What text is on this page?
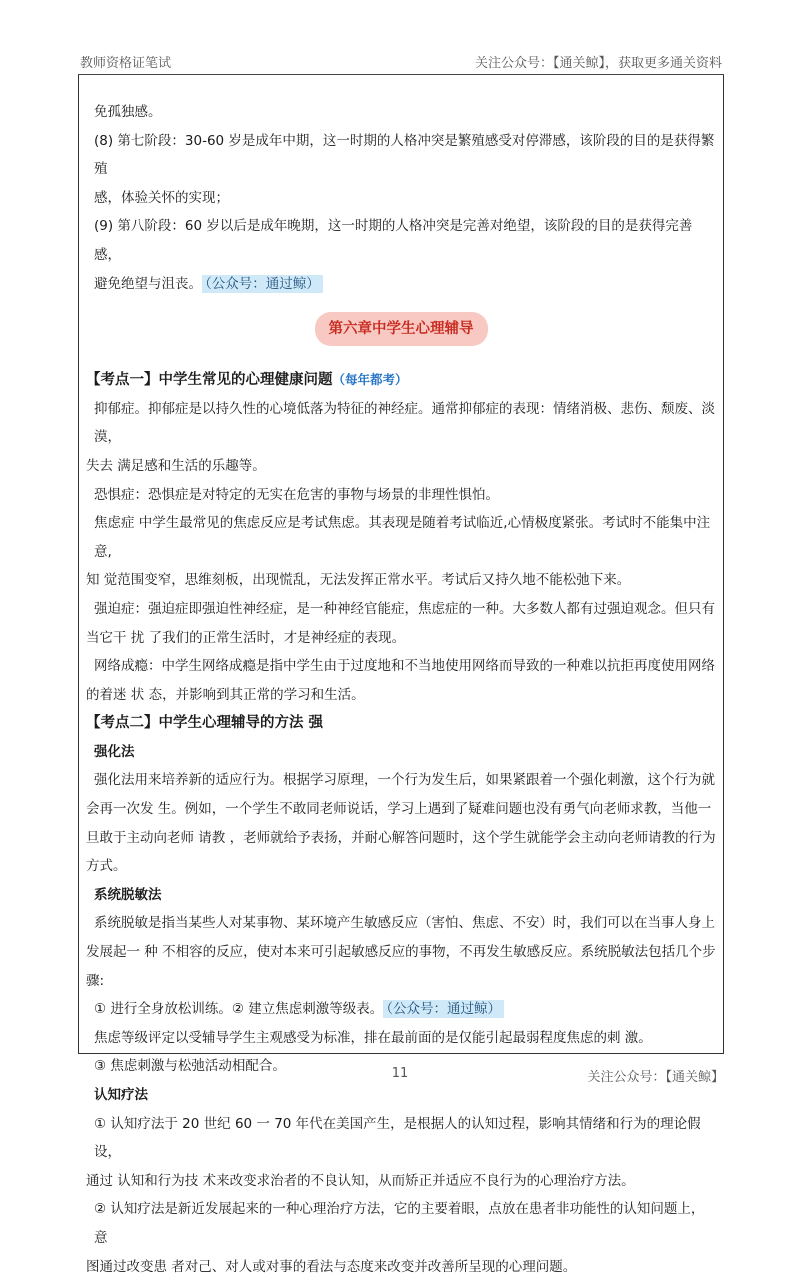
教师资格证笔试	关注公众号：【通关鲸】，获取更多通关资料

免孤独感。

(8) 第七阶段：30-60 岁是成年中期，这一时期的人格冲突是繁殖感受对停滞感，该阶段的目的是获得繁殖

感，体验关怀的实现；

(9) 第八阶段：60 岁以后是成年晚期，这一时期的人格冲突是完善对绝望，该阶段的目的是获得完善感，

避免绝望与沮丧。 （公众号：通过鲸）

第六章中学生心理辅导

【考点一】中学生常见的心理健康问题（每年都考）

抑郁症。抑郁症是以持久性的心境低落为特征的神经症。通常抑郁症的表现：情绪消极、悲伤、颓废、淡漠，

失去 满足感和生活的乐趣等。

恐惧症：恐惧症是对特定的无实在危害的事物与场景的非理性惧怕。

焦虑症 中学生最常见的焦虑反应是考试焦虑。其表现是随着考试临近,心情极度紧张。考试时不能集中注意,

知 觉范围变窄，思维刻板，出现慌乱，无法发挥正常水平。考试后又持久地不能松弛下来。

强迫症：强迫症即强迫性神经症，是一种神经官能症，焦虑症的一种。大多数人都有过强迫观念。但只有

当它干 扰 了我们的正常生活时，才是神经症的表现。

网络成瘾：中学生网络成瘾是指中学生由于过度地和不当地使用网络而导致的一种难以抗拒再度使用网络

的着迷 状 态，并影响到其正常的学习和生活。

【考点二】中学生心理辅导的方法 强

强化法

强化法用来培养新的适应行为。根据学习原理，一个行为发生后，如果紧跟着一个强化刺激，这个行为就

会再一次发 生。例如，一个学生不敢同老师说话，学习上遇到了疑难问题也没有勇气向老师求教，当他一

旦敢于主动向老师 请教 ，老师就给予表扬，并耐心解答问题时，这个学生就能学会主动向老师请教的行为

方式。

系统脱敏法

系统脱敏是指当某些人对某事物、某环境产生敏感反应（害怕、焦虑、不安）时，我们可以在当事人身上

发展起一 种 不相容的反应，使对本来可引起敏感反应的事物，不再发生敏感反应。系统脱敏法包括几个步骤:

① 进行全身放松训练。② 建立焦虑刺激等级表。 （公众号：通过鲸）

焦虑等级评定以受辅导学生主观感受为标准，排在最前面的是仅能引起最弱程度焦虑的刺 激。

③ 焦虑刺激与松弛活动相配合。

认知疗法

① 认知疗法于 20 世纪 60 一 70 年代在美国产生，是根据人的认知过程，影响其情绪和行为的理论假设，

通过 认知和行为技 术来改变求治者的不良认知，从而矫正并适应不良行为的心理治疗方法。

② 认知疗法是新近发展起来的一种心理治疗方法，它的主要着眼，点放在患者非功能性的认知问题上，意

图通过改变患 者对己、对人或对事的看法与态度来改变并改善所呈现的心理问题。

11	关注公众号：【通关鲸】
